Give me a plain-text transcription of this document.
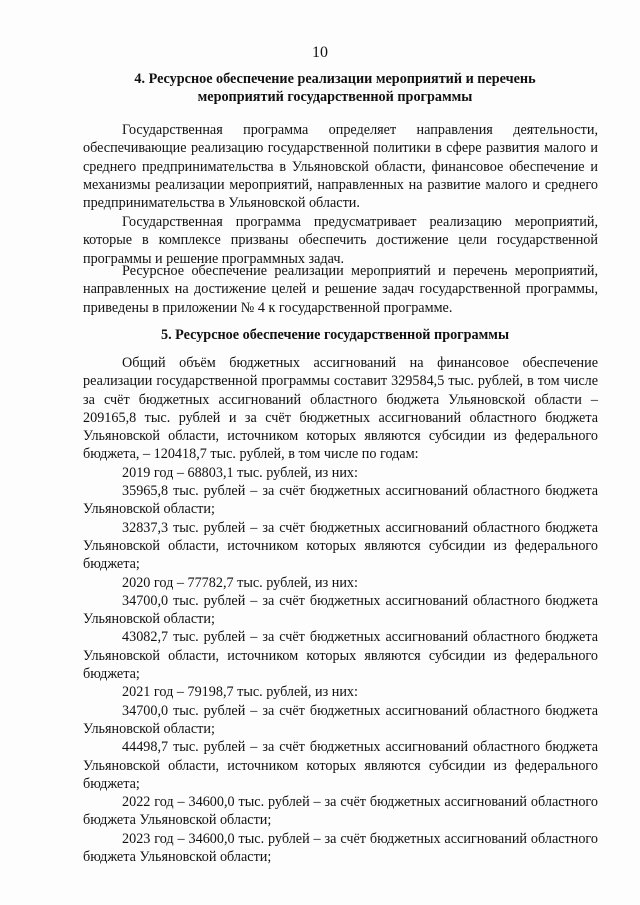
10
4. Ресурсное обеспечение реализации мероприятий и перечень мероприятий государственной программы

Государственная программа определяет направления деятельности, обеспечивающие реализацию государственной политики в сфере развития малого и среднего предпринимательства в Ульяновской области, финансовое обеспечение и механизмы реализации мероприятий, направленных на развитие малого и среднего предпринимательства в Ульяновской области.

Государственная программа предусматривает реализацию мероприятий, которые в комплексе призваны обеспечить достижение цели государственной программы и решение программных задач.

Ресурсное обеспечение реализации мероприятий и перечень мероприятий, направленных на достижение целей и решение задач государственной программы, приведены в приложении № 4 к государственной программе.

5. Ресурсное обеспечение государственной программы

Общий объём бюджетных ассигнований на финансовое обеспечение реализации государственной программы составит 329584,5 тыс. рублей, в том числе за счёт бюджетных ассигнований областного бюджета Ульяновской области – 209165,8 тыс. рублей и за счёт бюджетных ассигнований областного бюджета Ульяновской области, источником которых являются субсидии из федерального бюджета, – 120418,7 тыс. рублей, в том числе по годам:

2019 год – 68803,1 тыс. рублей, из них:

35965,8 тыс. рублей – за счёт бюджетных ассигнований областного бюджета Ульяновской области;

32837,3 тыс. рублей – за счёт бюджетных ассигнований областного бюджета Ульяновской области, источником которых являются субсидии из федерального бюджета;

2020 год – 77782,7 тыс. рублей, из них:

34700,0 тыс. рублей – за счёт бюджетных ассигнований областного бюджета Ульяновской области;

43082,7 тыс. рублей – за счёт бюджетных ассигнований областного бюджета Ульяновской области, источником которых являются субсидии из федерального бюджета;

2021 год – 79198,7 тыс. рублей, из них:

34700,0 тыс. рублей – за счёт бюджетных ассигнований областного бюджета Ульяновской области;

44498,7 тыс. рублей – за счёт бюджетных ассигнований областного бюджета Ульяновской области, источником которых являются субсидии из федерального бюджета;

2022 год – 34600,0 тыс. рублей – за счёт бюджетных ассигнований областного бюджета Ульяновской области;

2023 год – 34600,0 тыс. рублей – за счёт бюджетных ассигнований областного бюджета Ульяновской области;
